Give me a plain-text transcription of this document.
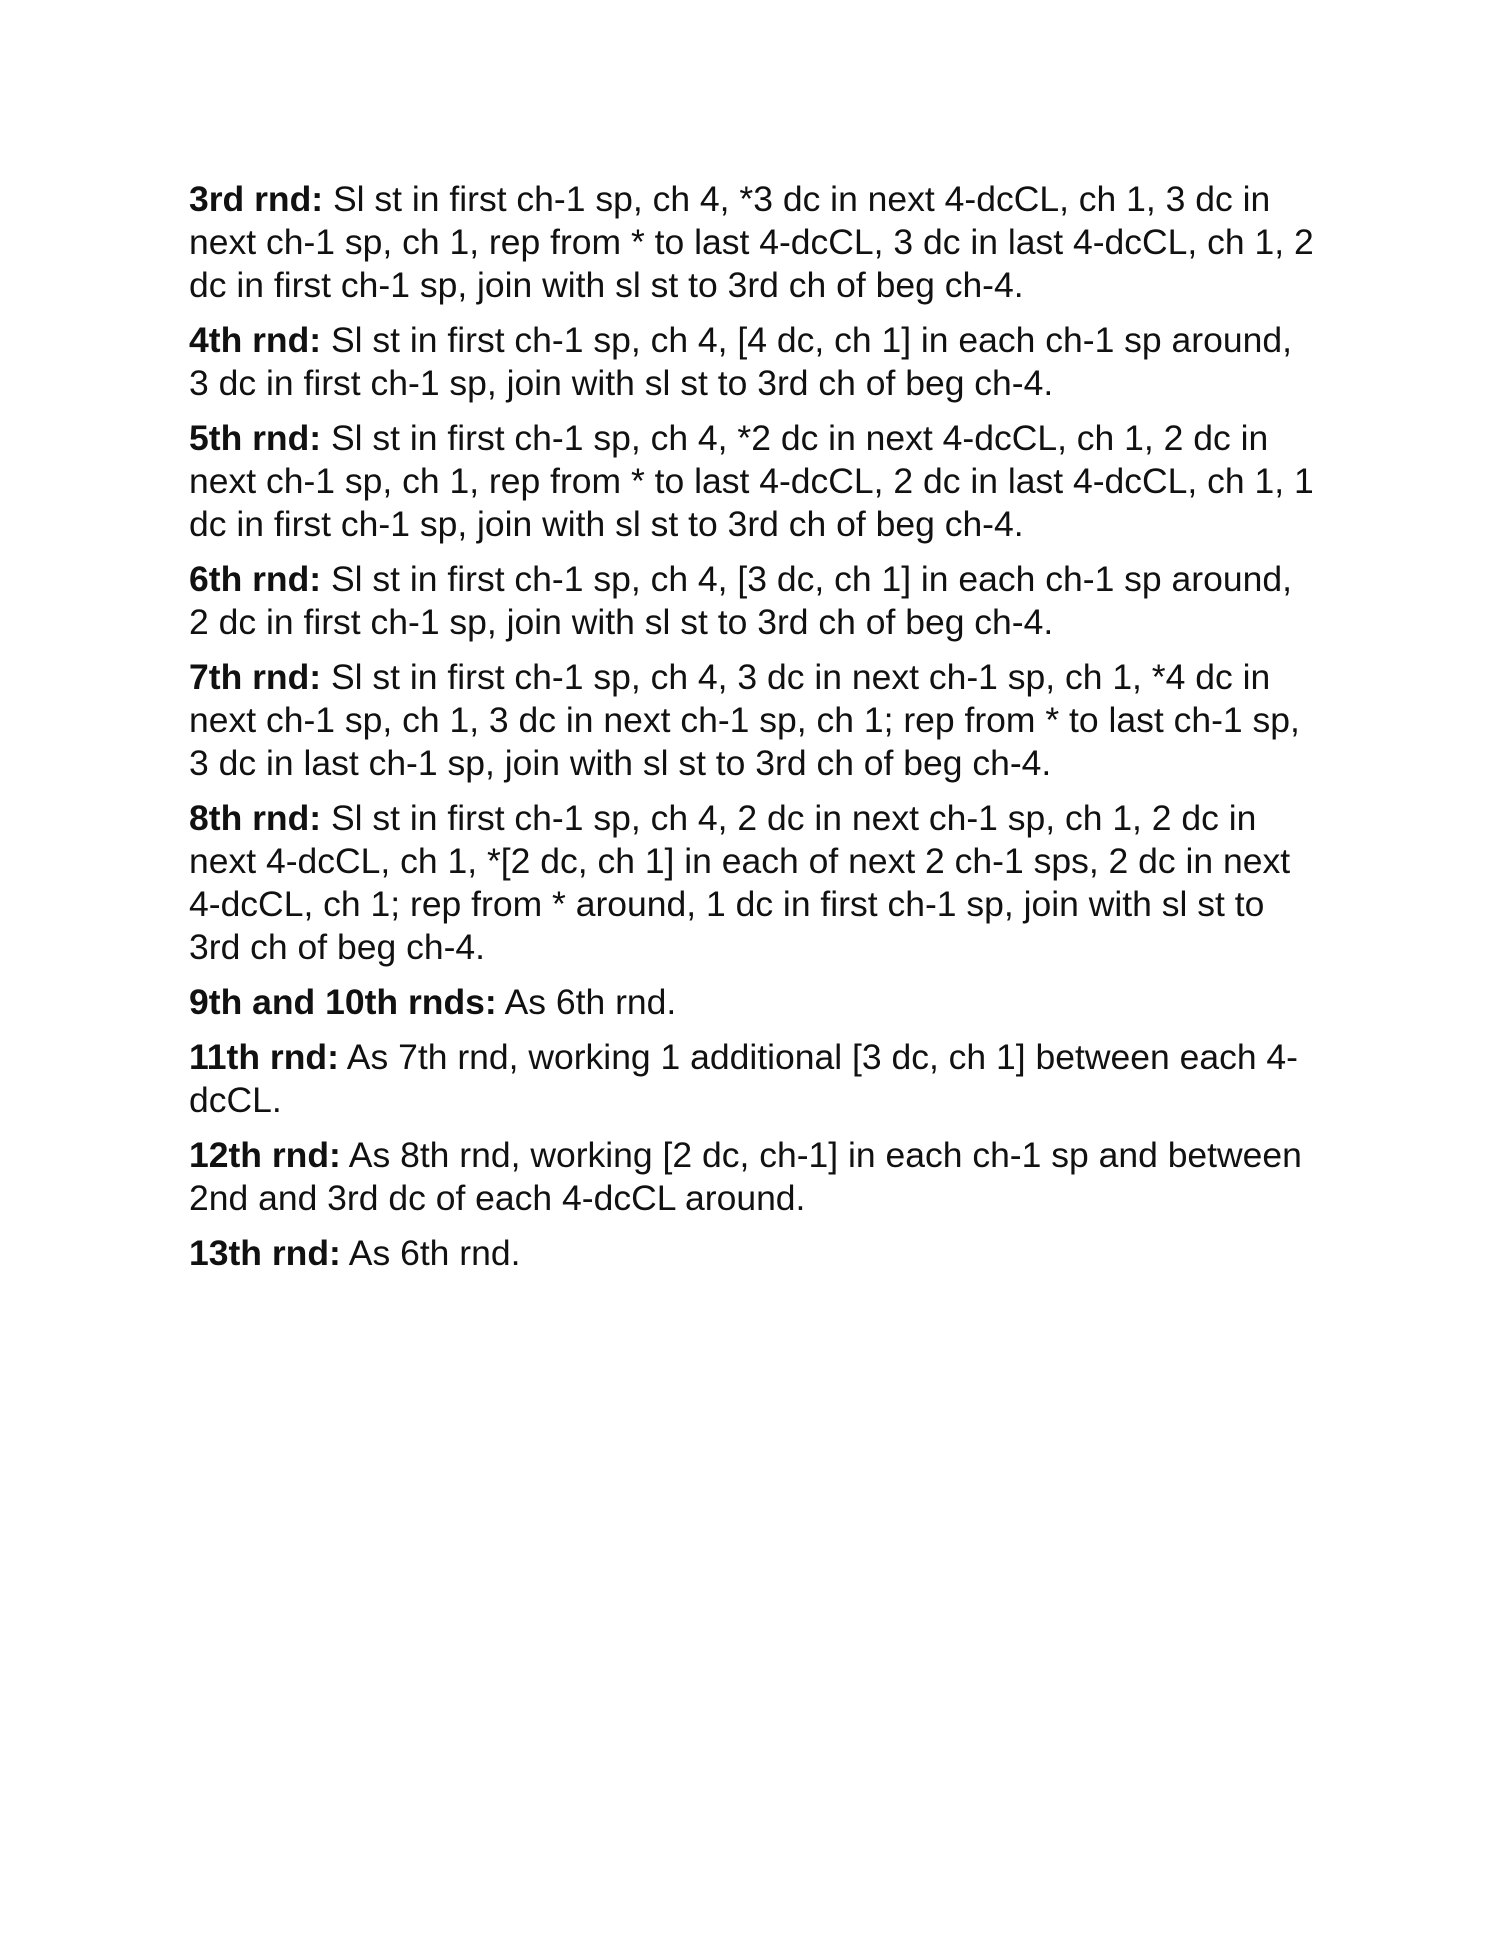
3rd rnd: Sl st in first ch-1 sp, ch 4, *3 dc in next 4-dcCL, ch 1, 3 dc in next ch-1 sp, ch 1, rep from * to last 4-dcCL, 3 dc in last 4-dcCL, ch 1, 2 dc in first ch-1 sp, join with sl st to 3rd ch of beg ch-4.

4th rnd: Sl st in first ch-1 sp, ch 4, [4 dc, ch 1] in each ch-1 sp around, 3 dc in first ch-1 sp, join with sl st to 3rd ch of beg ch-4.

5th rnd: Sl st in first ch-1 sp, ch 4, *2 dc in next 4-dcCL, ch 1, 2 dc in next ch-1 sp, ch 1, rep from * to last 4-dcCL, 2 dc in last 4-dcCL, ch 1, 1 dc in first ch-1 sp, join with sl st to 3rd ch of beg ch-4.

6th rnd: Sl st in first ch-1 sp, ch 4, [3 dc, ch 1] in each ch-1 sp around, 2 dc in first ch-1 sp, join with sl st to 3rd ch of beg ch-4.

7th rnd: Sl st in first ch-1 sp, ch 4, 3 dc in next ch-1 sp, ch 1, *4 dc in next ch-1 sp, ch 1, 3 dc in next ch-1 sp, ch 1; rep from * to last ch-1 sp, 3 dc in last ch-1 sp, join with sl st to 3rd ch of beg ch-4.

8th rnd: Sl st in first ch-1 sp, ch 4, 2 dc in next ch-1 sp, ch 1, 2 dc in next 4-dcCL, ch 1, *[2 dc, ch 1] in each of next 2 ch-1 sps, 2 dc in next 4-dcCL, ch 1; rep from * around, 1 dc in first ch-1 sp, join with sl st to 3rd ch of beg ch-4.

9th and 10th rnds: As 6th rnd.

11th rnd: As 7th rnd, working 1 additional [3 dc, ch 1] between each 4-dcCL.

12th rnd: As 8th rnd, working [2 dc, ch-1] in each ch-1 sp and between 2nd and 3rd dc of each 4-dcCL around.

13th rnd: As 6th rnd.
